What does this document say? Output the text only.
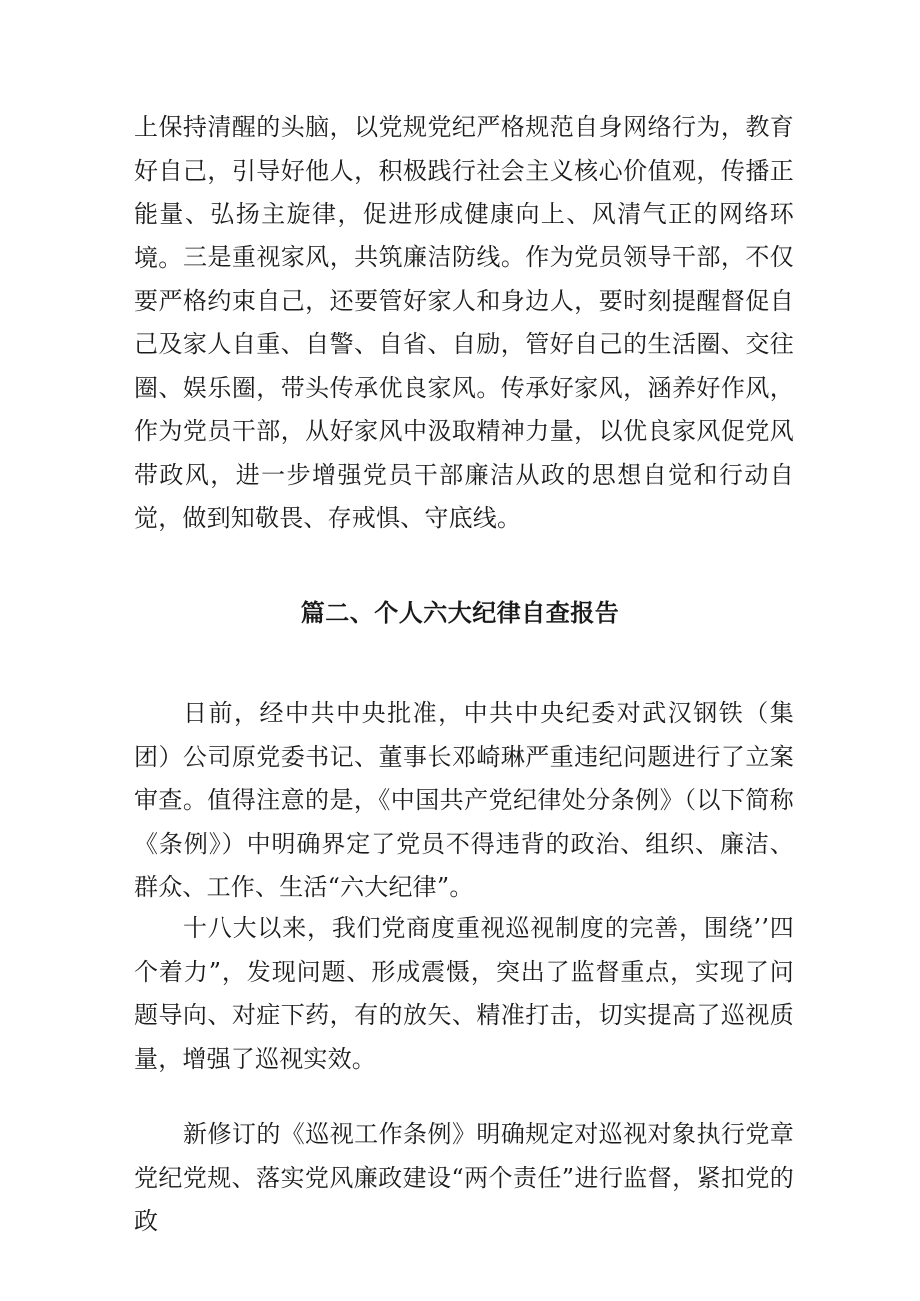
上保持清醒的头脑，以党规党纪严格规范自身网络行为，教育好自己，引导好他人，积极践行社会主义核心价值观，传播正能量、弘扬主旋律，促进形成健康向上、风清气正的网络环境。 三是重视家风，共筑廉洁防线。作为党员领导干部，不仅要严格约束自己，还要管好家人和身边人，要时刻提醒督促自己及家人自重、自警、自省、自励，管好自己的生活圈、交往圈、娱乐圈，带头传承优良家风。传承好家风，涵养好作风，作为党员干部，从好家风中汲取精神力量，以优良家风促党风带政风，进一步增强党员干部廉洁从政的思想自觉和行动自觉，做到知敬畏、存戒惧、守底线。

篇二、个人六大纪律自查报告

日前，经中共中央批准，中共中央纪委对武汉钢铁（集团）公司原党委书记、董事长邓崎琳严重违纪问题进行了立案审查。值得注意的是，《中国共产党纪律处分条例》（以下简称《条例》）中明确界定了党员不得违背的政治、组织、廉洁、群众、工作、生活“六大纪律”。

十八大以来，我们党商度重视巡视制度的完善，围绕’’四个着力”，发现问题、形成震慑，突出了监督重点，实现了问题导向、对症下药，有的放矢、精准打击，切实提高了巡视质量，增强了巡视实效。

新修订的《巡视工作条例》明确规定对巡视对象执行党章党纪党规、落实党风廉政建设“两个责任”进行监督，紧扣党的政
